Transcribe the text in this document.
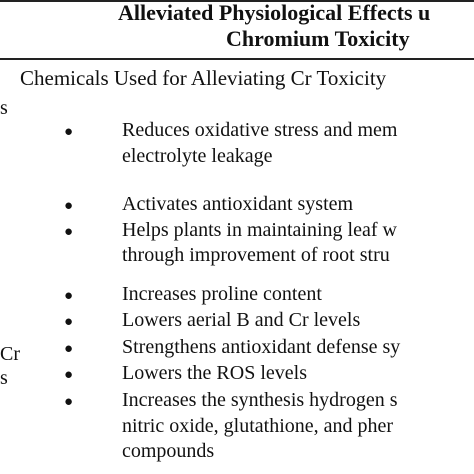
Alleviated Physiological Effects u
Chromium Toxicity
Chemicals Used for Alleviating Cr Toxicity
s
Cr
s
● Reduces oxidative stress and mem
electrolyte leakage
● Activates antioxidant system
● Helps plants in maintaining leaf w
through improvement of root stru
● Increases proline content
● Lowers aerial B and Cr levels
● Strengthens antioxidant defense sy
● Lowers the ROS levels
● Increases the synthesis hydrogen s
nitric oxide, glutathione, and pher
compounds
